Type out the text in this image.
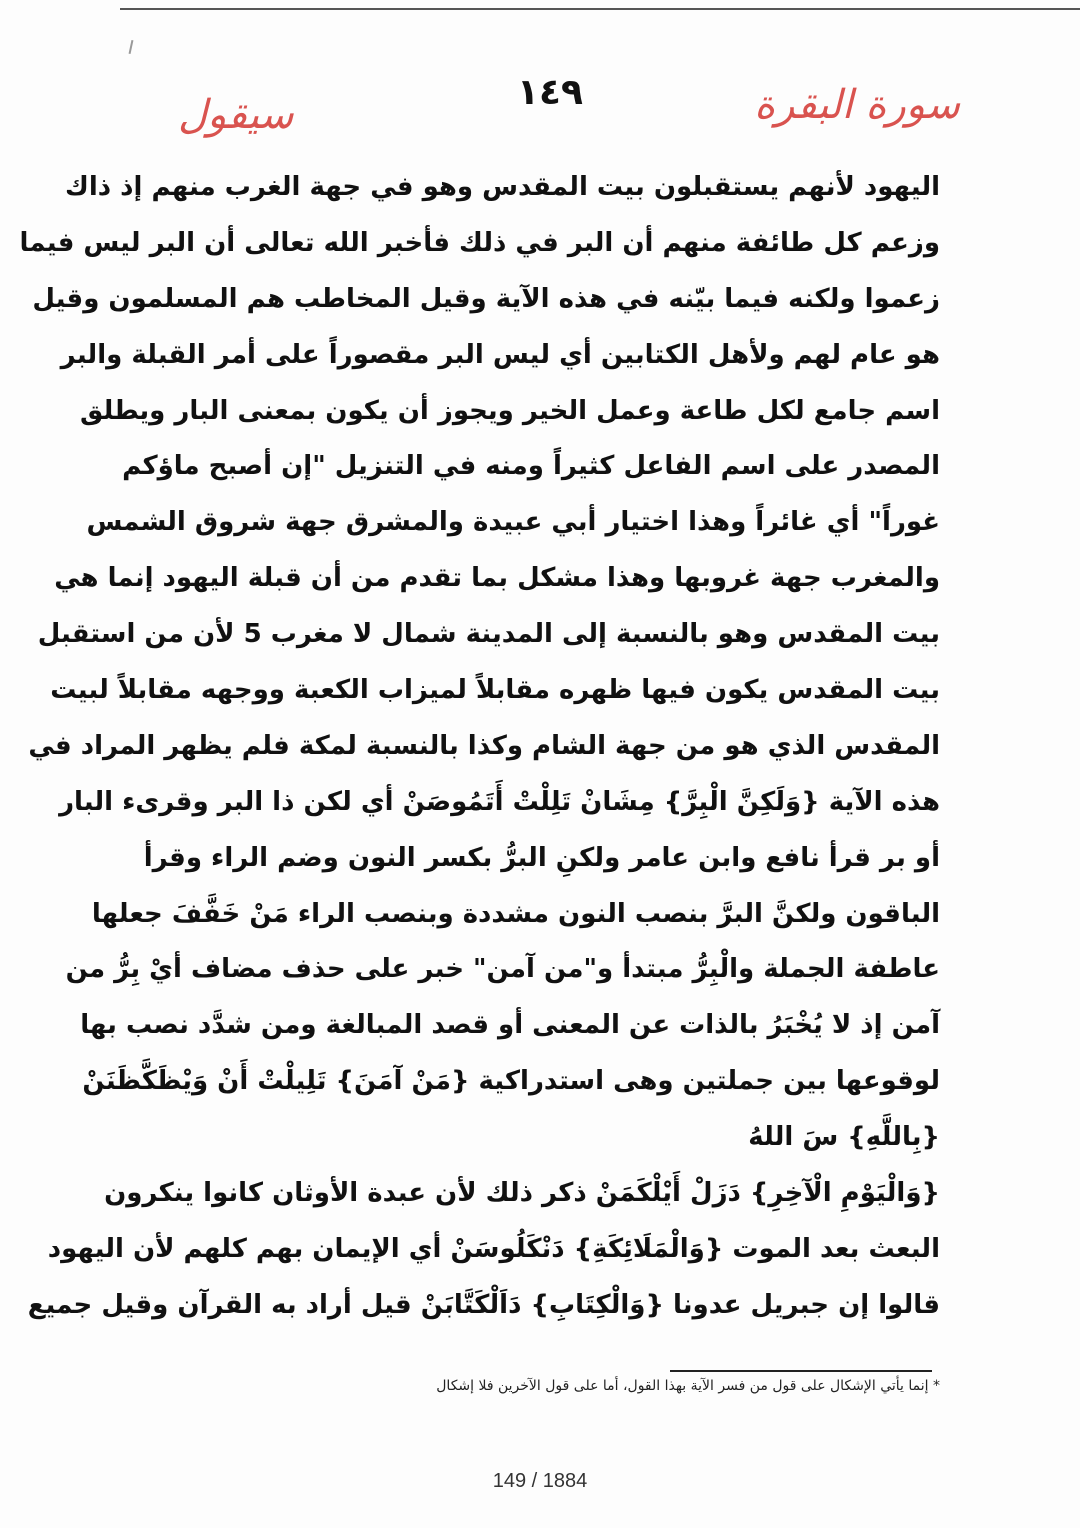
سورة البقرة
١٤٩
سيقول
اليهود لأنهم يستقبلون بيت المقدس وهو في جهة الغرب منهم إذ ذاك
وزعم كل طائفة منهم أن البر في ذلك فأخبر الله تعالى أن البر ليس فيما
زعموا ولكنه فيما بيّنه في هذه الآية وقيل المخاطب هم المسلمون وقيل
هو عام لهم ولأهل الكتابين أي ليس البر مقصوراً على أمر القبلة والبر
اسم جامع لكل طاعة وعمل الخير ويجوز أن يكون بمعنى البار ويطلق
المصدر على اسم الفاعل كثيراً ومنه في التنزيل "إن أصبح ماؤكم
غوراً" أي غائراً وهذا اختيار أبي عبيدة والمشرق جهة شروق الشمس
والمغرب جهة غروبها وهذا مشكل بما تقدم من أن قبلة اليهود إنما هي
بيت المقدس وهو بالنسبة إلى المدينة شمال لا مغرب 5 لأن من استقبل
بيت المقدس يكون فيها ظهره مقابلاً لميزاب الكعبة ووجهه مقابلاً لبيت
المقدس الذي هو من جهة الشام وكذا بالنسبة لمكة فلم يظهر المراد في
هذه الآية {وَلَكِنَّ الْبِرَّ} مِشَانْ تَلِلْتْ أَتَمُوصَنْ أي لكن ذا البر وقرىء البار
أو بر قرأ نافع وابن عامر ولكنِ البرُّ بكسر النون وضم الراء وقرأ
الباقون ولكنَّ البرَّ بنصب النون مشددة وبنصب الراء مَنْ خَفَّفَ جعلها
عاطفة الجملة والْبِرُّ مبتدأ و"من آمن" خبر على حذف مضاف أيْ بِرُّ من
آمن إذ لا يُخْبَرُ بالذات عن المعنى أو قصد المبالغة ومن شدَّد نصب بها
لوقوعها بين جملتين وهى استدراكية {مَنْ آمَنَ} تَلِيلْتْ أَنْ وَيْظَكَّظَنَنْ
{بِاللَّهِ} سَ اللهُ
{وَالْيَوْمِ الْآخِرِ} دَزَلْ أَيْلْكَمَنْ ذكر ذلك لأن عبدة الأوثان كانوا ينكرون
البعث بعد الموت {وَالْمَلَائِكَةِ} دَنْكَلُوسَنْ أي الإيمان بهم كلهم لأن اليهود
قالوا إن جبريل عدونا {وَالْكِتَابِ} دَاَلْكَتَّابَنْ قيل أراد به القرآن وقيل جميع
* إنما يأتي الإشكال على قول من فسر الآية بهذا القول، أما على قول الآخرين فلا إشكال
149 / 1884
